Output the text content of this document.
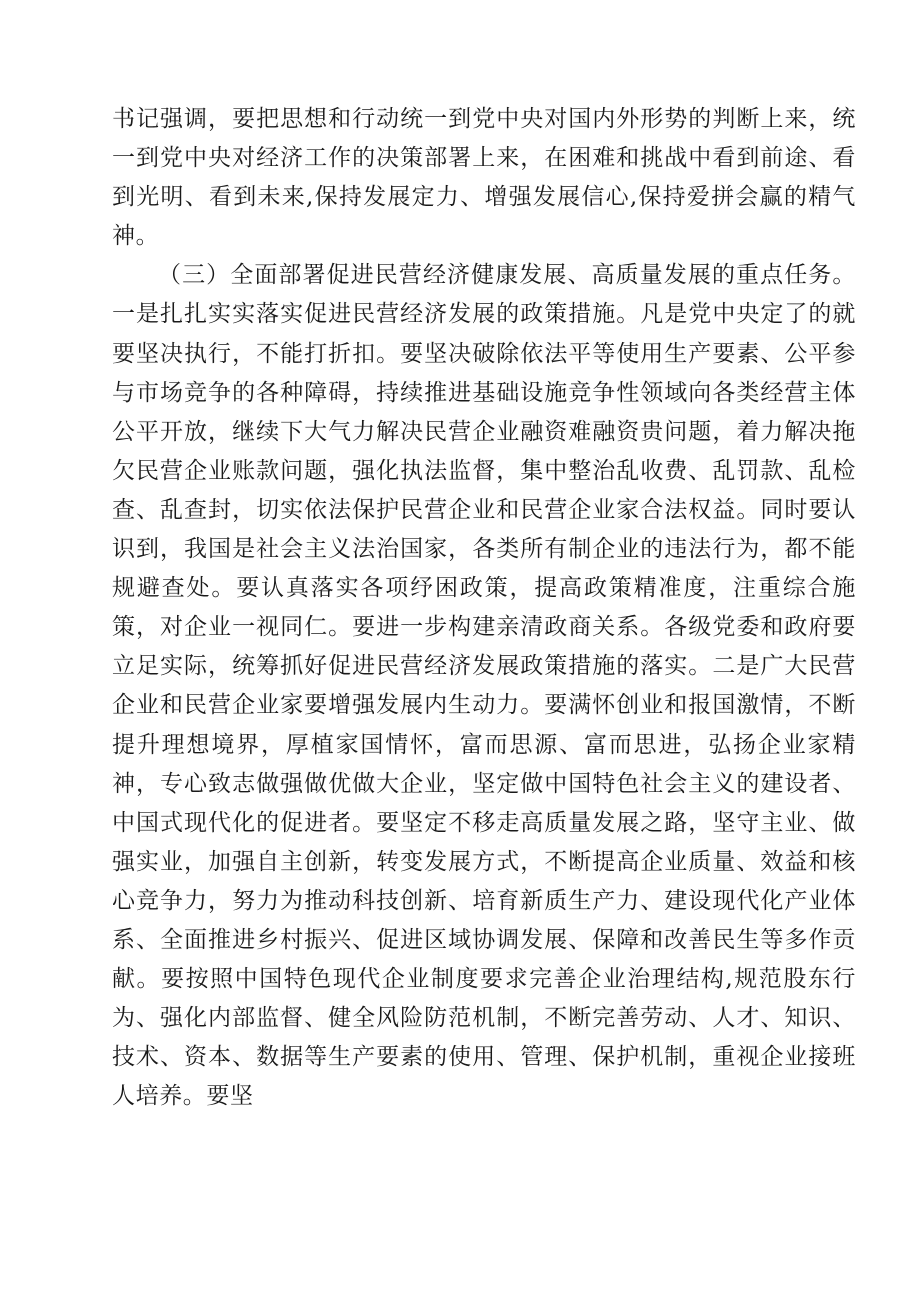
书记强调，要把思想和行动统一到党中央对国内外形势的判断上来，统一到党中央对经济工作的决策部署上来，在困难和挑战中看到前途、看到光明、看到未来,保持发展定力、增强发展信心,保持爱拼会赢的精气神。

（三）全面部署促进民营经济健康发展、高质量发展的重点任务。一是扎扎实实落实促进民营经济发展的政策措施。凡是党中央定了的就要坚决执行，不能打折扣。要坚决破除依法平等使用生产要素、公平参与市场竞争的各种障碍，持续推进基础设施竞争性领域向各类经营主体公平开放，继续下大气力解决民营企业融资难融资贵问题，着力解决拖欠民营企业账款问题，强化执法监督，集中整治乱收费、乱罚款、乱检查、乱查封，切实依法保护民营企业和民营企业家合法权益。同时要认识到，我国是社会主义法治国家，各类所有制企业的违法行为，都不能规避查处。要认真落实各项纾困政策，提高政策精准度，注重综合施策，对企业一视同仁。要进一步构建亲清政商关系。各级党委和政府要立足实际，统筹抓好促进民营经济发展政策措施的落实。二是广大民营企业和民营企业家要增强发展内生动力。要满怀创业和报国激情，不断提升理想境界，厚植家国情怀，富而思源、富而思进，弘扬企业家精神，专心致志做强做优做大企业，坚定做中国特色社会主义的建设者、中国式现代化的促进者。要坚定不移走高质量发展之路，坚守主业、做强实业，加强自主创新，转变发展方式，不断提高企业质量、效益和核心竞争力，努力为推动科技创新、培育新质生产力、建设现代化产业体系、全面推进乡村振兴、促进区域协调发展、保障和改善民生等多作贡献。要按照中国特色现代企业制度要求完善企业治理结构,规范股东行为、强化内部监督、健全风险防范机制，不断完善劳动、人才、知识、技术、资本、数据等生产要素的使用、管理、保护机制，重视企业接班人培养。要坚
